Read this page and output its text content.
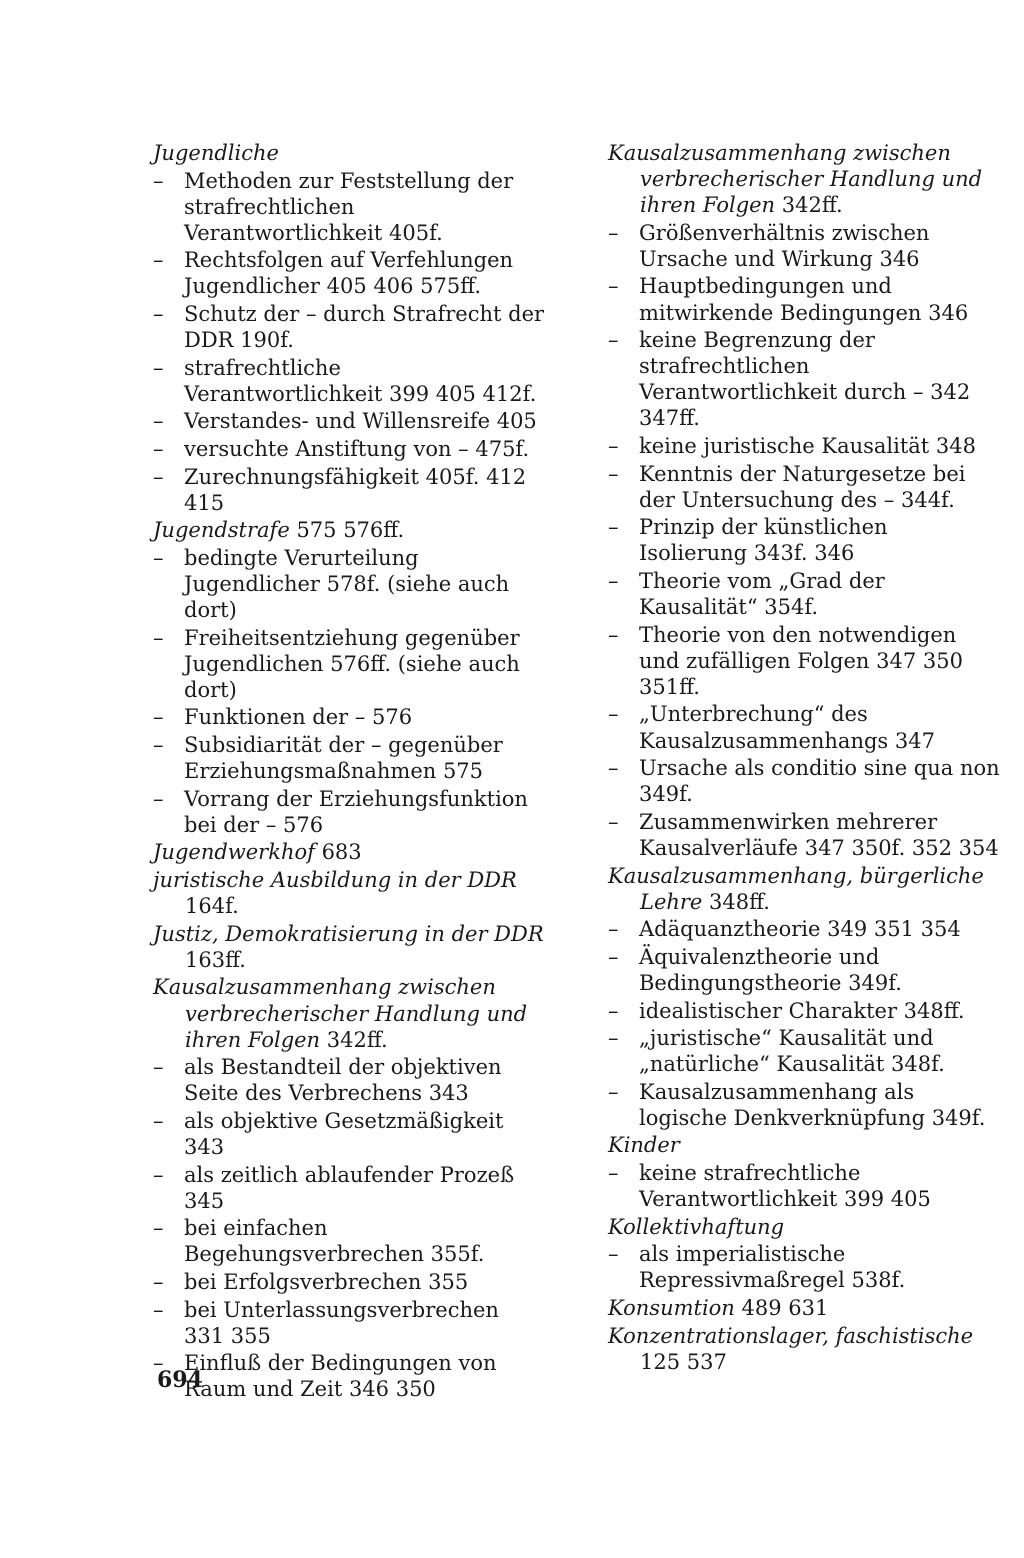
Jugendliche

– Methoden zur Feststellung der strafrechtlichen Verantwortlichkeit 405f.

– Rechtsfolgen auf Verfehlungen Jugendlicher 405 406 575ff.

– Schutz der – durch Strafrecht der DDR 190f.

– strafrechtliche Verantwortlichkeit 399 405 412f.

– Verstandes- und Willensreife 405

– versuchte Anstiftung von – 475f.

– Zurechnungsfähigkeit 405f. 412 415

Jugendstrafe 575 576ff.

– bedingte Verurteilung Jugendlicher 578f. (siehe auch dort)

– Freiheitsentziehung gegenüber Jugendlichen 576ff. (siehe auch dort)

– Funktionen der – 576

– Subsidiarität der – gegenüber Erziehungsmaßnahmen 575

– Vorrang der Erziehungsfunktion bei der – 576

Jugendwerkhof 683

juristische Ausbildung in der DDR 164f.

Justiz, Demokratisierung in der DDR 163ff.

Kausalzusammenhang zwischen verbrecherischer Handlung und ihren Folgen 342ff.

– als Bestandteil der objektiven Seite des Verbrechens 343

– als objektive Gesetzmäßigkeit 343

– als zeitlich ablaufender Prozeß 345

– bei einfachen Begehungsverbrechen 355f.

– bei Erfolgsverbrechen 355

– bei Unterlassungsverbrechen 331 355

– Einfluß der Bedingungen von Raum und Zeit 346 350

Kausalzusammenhang zwischen verbrecherischer Handlung und ihren Folgen 342ff.

– Größenverhältnis zwischen Ursache und Wirkung 346

– Hauptbedingungen und mitwirkende Bedingungen 346

– keine Begrenzung der strafrechtlichen Verantwortlichkeit durch – 342 347ff.

– keine juristische Kausalität 348

– Kenntnis der Naturgesetze bei der Untersuchung des – 344f.

– Prinzip der künstlichen Isolierung 343f. 346

– Theorie vom „Grad der Kausalität“ 354f.

– Theorie von den notwendigen und zufälligen Folgen 347 350 351ff.

– „Unterbrechung“ des Kausalzusammenhangs 347

– Ursache als conditio sine qua non 349f.

– Zusammenwirken mehrerer Kausalverläufe 347 350f. 352 354

Kausalzusammenhang, bürgerliche Lehre 348ff.

– Adäquanztheorie 349 351 354

– Äquivalenztheorie und Bedingungstheorie 349f.

– idealistischer Charakter 348ff.

– „juristische“ Kausalität und „natürliche“ Kausalität 348f.

– Kausalzusammenhang als logische Denkverknüpfung 349f.

Kinder

– keine strafrechtliche Verantwortlichkeit 399 405

Kollektivhaftung

– als imperialistische Repressivmaßregel 538f.

Konsumtion 489 631

Konzentrationslager, faschistische 125 537

694
